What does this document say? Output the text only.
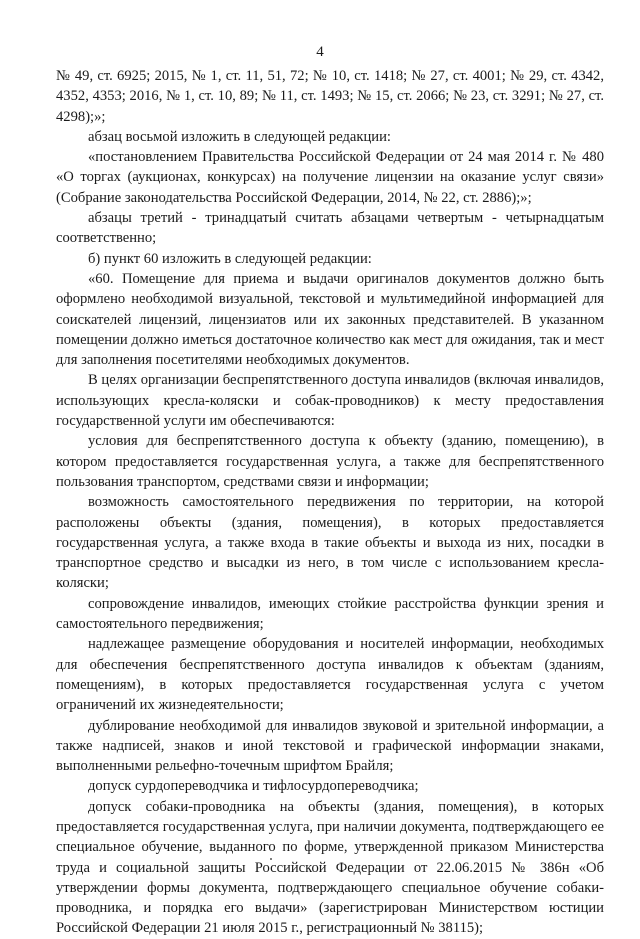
4

№ 49, ст. 6925; 2015, № 1, ст. 11, 51, 72; № 10, ст. 1418; № 27, ст. 4001; № 29, ст. 4342, 4352, 4353; 2016, № 1, ст. 10, 89; № 11, ст. 1493; № 15, ст. 2066; № 23, ст. 3291; № 27, ст. 4298);»;

абзац восьмой изложить в следующей редакции:

«постановлением Правительства Российской Федерации от 24 мая 2014 г. № 480 «О торгах (аукционах, конкурсах) на получение лицензии на оказание услуг связи» (Собрание законодательства Российской Федерации, 2014, № 22, ст. 2886);»;

абзацы третий - тринадцатый считать абзацами четвертым - четырнадцатым соответственно;

б) пункт 60 изложить в следующей редакции:

«60. Помещение для приема и выдачи оригиналов документов должно быть оформлено необходимой визуальной, текстовой и мультимедийной информацией для соискателей лицензий, лицензиатов или их законных представителей. В указанном помещении должно иметься достаточное количество как мест для ожидания, так и мест для заполнения посетителями необходимых документов.

В целях организации беспрепятственного доступа инвалидов (включая инвалидов, использующих кресла-коляски и собак-проводников) к месту предоставления государственной услуги им обеспечиваются:

условия для беспрепятственного доступа к объекту (зданию, помещению), в котором предоставляется государственная услуга, а также для беспрепятственного пользования транспортом, средствами связи и информации;

возможность самостоятельного передвижения по территории, на которой расположены объекты (здания, помещения), в которых предоставляется государственная услуга, а также входа в такие объекты и выхода из них, посадки в транспортное средство и высадки из него, в том числе с использованием кресла-коляски;

сопровождение инвалидов, имеющих стойкие расстройства функции зрения и самостоятельного передвижения;

надлежащее размещение оборудования и носителей информации, необходимых для обеспечения беспрепятственного доступа инвалидов к объектам (зданиям, помещениям), в которых предоставляется государственная услуга с учетом ограничений их жизнедеятельности;

дублирование необходимой для инвалидов звуковой и зрительной информации, а также надписей, знаков и иной текстовой и графической информации знаками, выполненными рельефно-точечным шрифтом Брайля;

допуск сурдопереводчика и тифлосурдопереводчика;

допуск собаки-проводника на объекты (здания, помещения), в которых предоставляется государственная услуга, при наличии документа, подтверждающего ее специальное обучение, выданного по форме, утвержденной приказом Министерства труда и социальной защиты Российской Федерации от 22.06.2015 № 386н «Об утверждении формы документа, подтверждающего специальное обучение собаки-проводника, и порядка его выдачи» (зарегистрирован Министерством юстиции Российской Федерации 21 июля 2015 г., регистрационный № 38115);
